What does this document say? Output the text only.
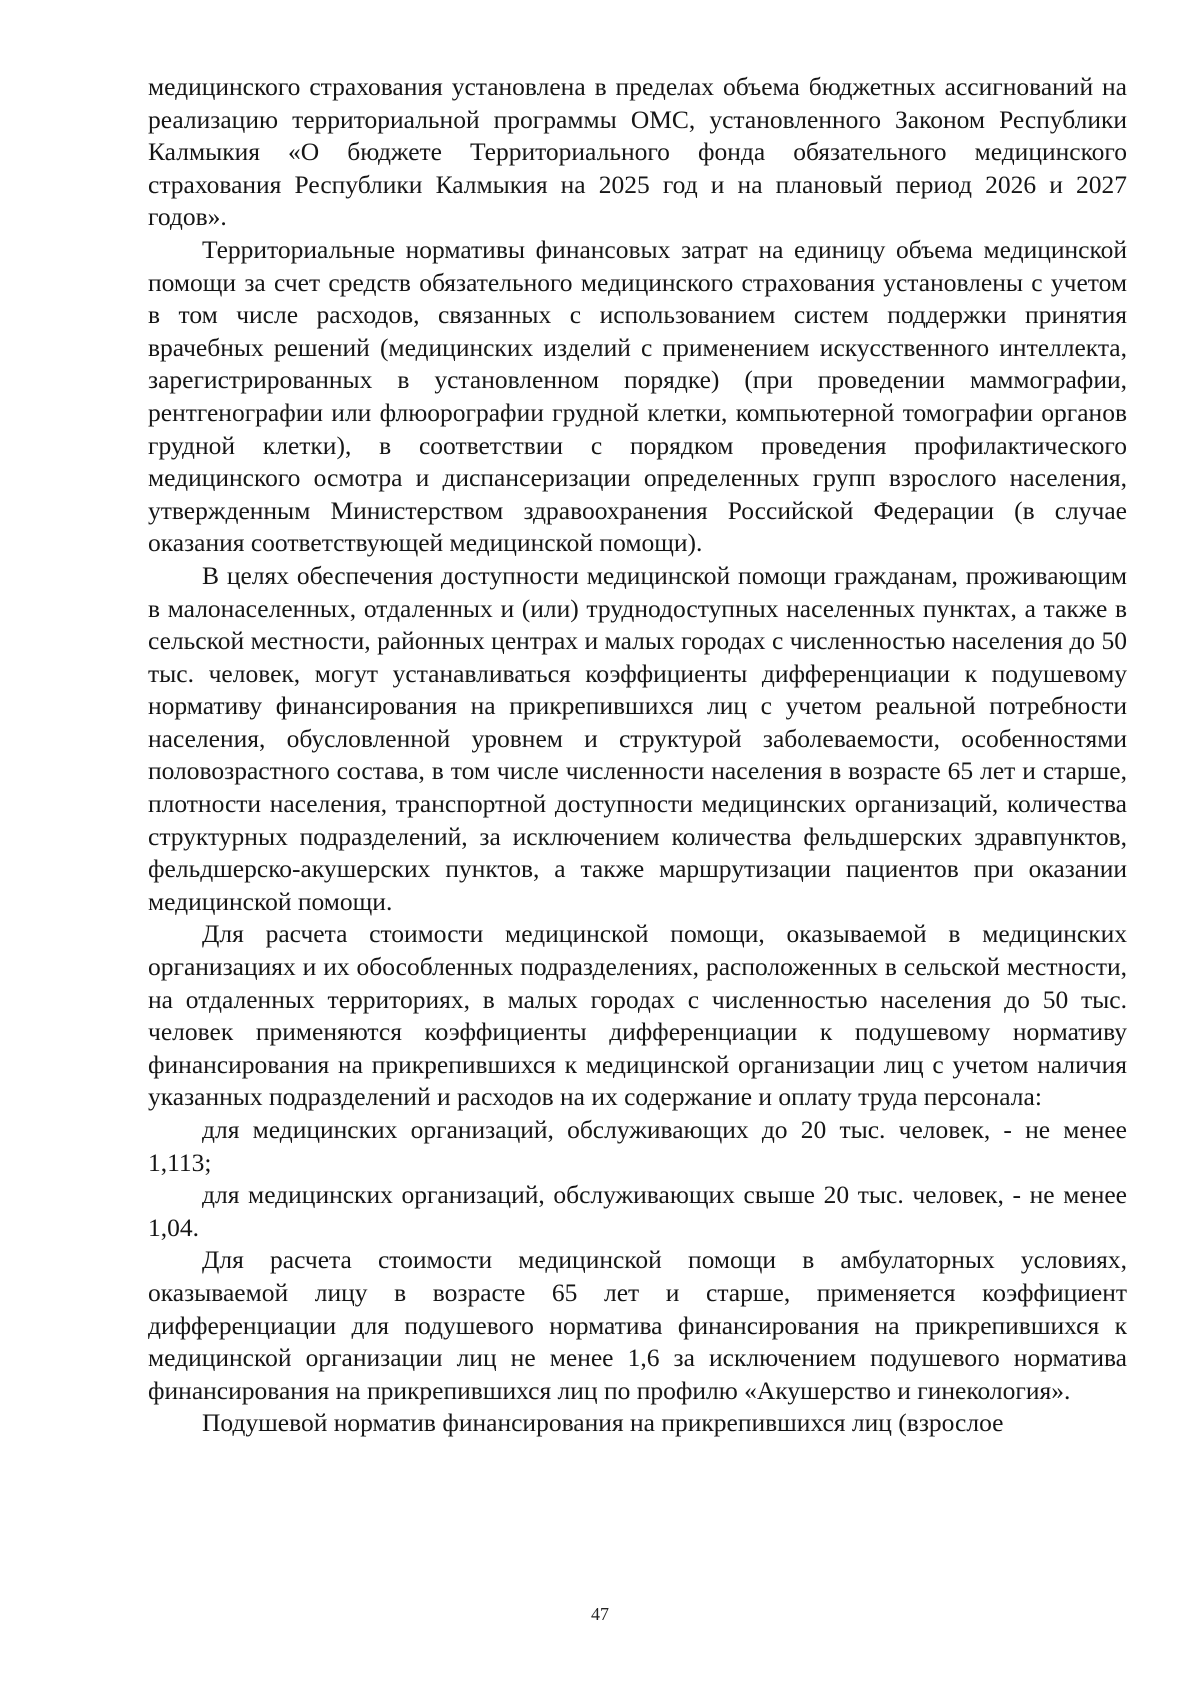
медицинского страхования установлена в пределах объема бюджетных ассигнований на реализацию территориальной программы ОМС, установленного Законом Республики Калмыкия «О бюджете Территориального фонда обязательного медицинского страхования Республики Калмыкия на 2025 год и на плановый период 2026 и 2027 годов».

Территориальные нормативы финансовых затрат на единицу объема медицинской помощи за счет средств обязательного медицинского страхования установлены с учетом в том числе расходов, связанных с использованием систем поддержки принятия врачебных решений (медицинских изделий с применением искусственного интеллекта, зарегистрированных в установленном порядке) (при проведении маммографии, рентгенографии или флюорографии грудной клетки, компьютерной томографии органов грудной клетки), в соответствии с порядком проведения профилактического медицинского осмотра и диспансеризации определенных групп взрослого населения, утвержденным Министерством здравоохранения Российской Федерации (в случае оказания соответствующей медицинской помощи).

В целях обеспечения доступности медицинской помощи гражданам, проживающим в малонаселенных, отдаленных и (или) труднодоступных населенных пунктах, а также в сельской местности, районных центрах и малых городах с численностью населения до 50 тыс. человек, могут устанавливаться коэффициенты дифференциации к подушевому нормативу финансирования на прикрепившихся лиц с учетом реальной потребности населения, обусловленной уровнем и структурой заболеваемости, особенностями половозрастного состава, в том числе численности населения в возрасте 65 лет и старше, плотности населения, транспортной доступности медицинских организаций, количества структурных подразделений, за исключением количества фельдшерских здравпунктов, фельдшерско-акушерских пунктов, а также маршрутизации пациентов при оказании медицинской помощи.

Для расчета стоимости медицинской помощи, оказываемой в медицинских организациях и их обособленных подразделениях, расположенных в сельской местности, на отдаленных территориях, в малых городах с численностью населения до 50 тыс. человек применяются коэффициенты дифференциации к подушевому нормативу финансирования на прикрепившихся к медицинской организации лиц с учетом наличия указанных подразделений и расходов на их содержание и оплату труда персонала:

для медицинских организаций, обслуживающих до 20 тыс. человек, - не менее 1,113;

для медицинских организаций, обслуживающих свыше 20 тыс. человек, - не менее 1,04.

Для расчета стоимости медицинской помощи в амбулаторных условиях, оказываемой лицу в возрасте 65 лет и старше, применяется коэффициент дифференциации для подушевого норматива финансирования на прикрепившихся к медицинской организации лиц не менее 1,6 за исключением подушевого норматива финансирования на прикрепившихся лиц по профилю «Акушерство и гинекология».

Подушевой норматив финансирования на прикрепившихся лиц (взрослое

47
